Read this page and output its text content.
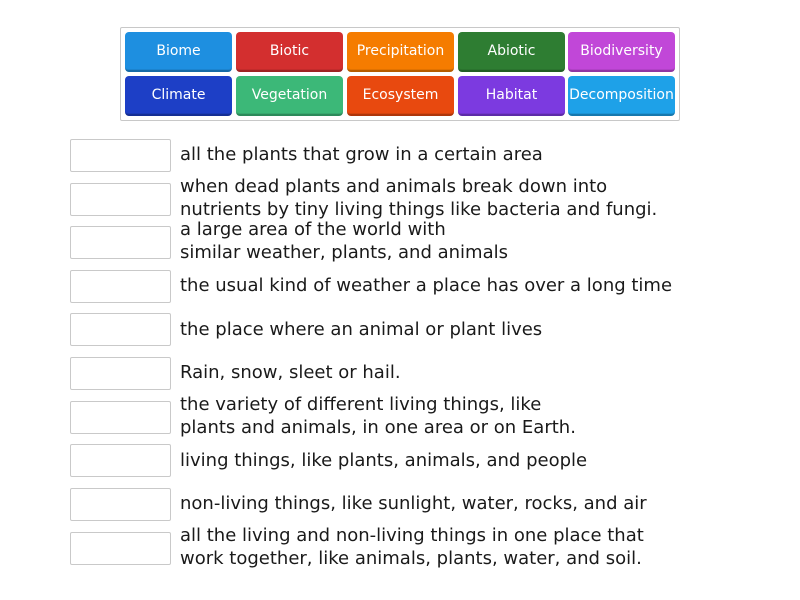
Biome	Biotic	Precipitation	Abiotic	Biodiversity
Climate	Vegetation	Ecosystem	Habitat	Decomposition
all the plants that grow in a certain area
when dead plants and animals break down into
nutrients by tiny living things like bacteria and fungi.
a large area of the world with
similar weather, plants, and animals
the usual kind of weather a place has over a long time
the place where an animal or plant lives
Rain, snow, sleet or hail.
the variety of different living things, like
plants and animals, in one area or on Earth.
living things, like plants, animals, and people
non-living things, like sunlight, water, rocks, and air
all the living and non-living things in one place that
work together, like animals, plants, water, and soil.
